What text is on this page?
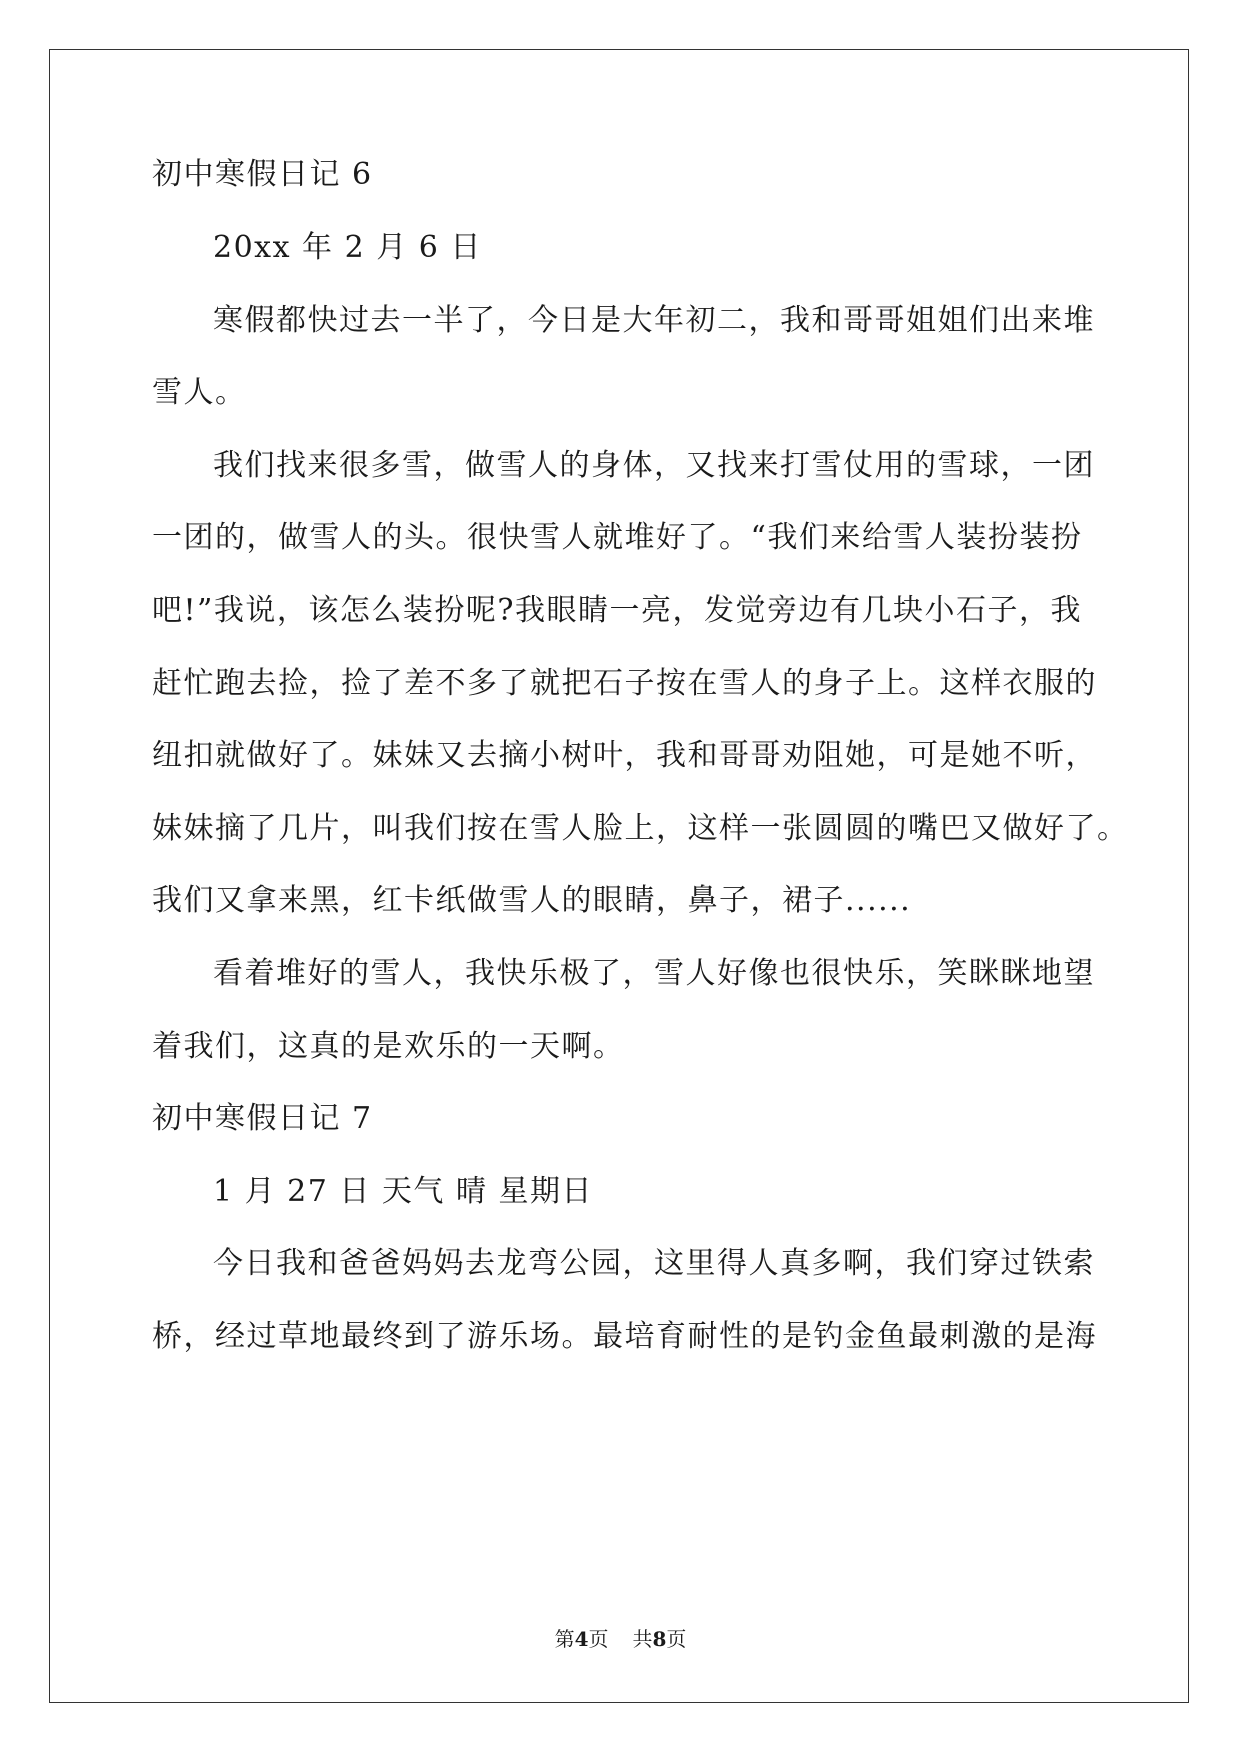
初中寒假日记 6
20xx 年 2 月 6 日
寒假都快过去一半了，今日是大年初二，我和哥哥姐姐们出来堆
雪人。
我们找来很多雪，做雪人的身体，又找来打雪仗用的雪球，一团
一团的，做雪人的头。很快雪人就堆好了。“我们来给雪人装扮装扮
吧!”我说，该怎么装扮呢?我眼睛一亮，发觉旁边有几块小石子，我
赶忙跑去捡，捡了差不多了就把石子按在雪人的身子上。这样衣服的
纽扣就做好了。妹妹又去摘小树叶，我和哥哥劝阻她，可是她不听，
妹妹摘了几片，叫我们按在雪人脸上，这样一张圆圆的嘴巴又做好了。
我们又拿来黑，红卡纸做雪人的眼睛，鼻子，裙子......
看着堆好的雪人，我快乐极了，雪人好像也很快乐，笑眯眯地望
着我们，这真的是欢乐的一天啊。
初中寒假日记 7
1 月 27 日 天气 晴 星期日
今日我和爸爸妈妈去龙弯公园，这里得人真多啊，我们穿过铁索
桥，经过草地最终到了游乐场。最培育耐性的是钓金鱼最刺激的是海
第4页 共8页
